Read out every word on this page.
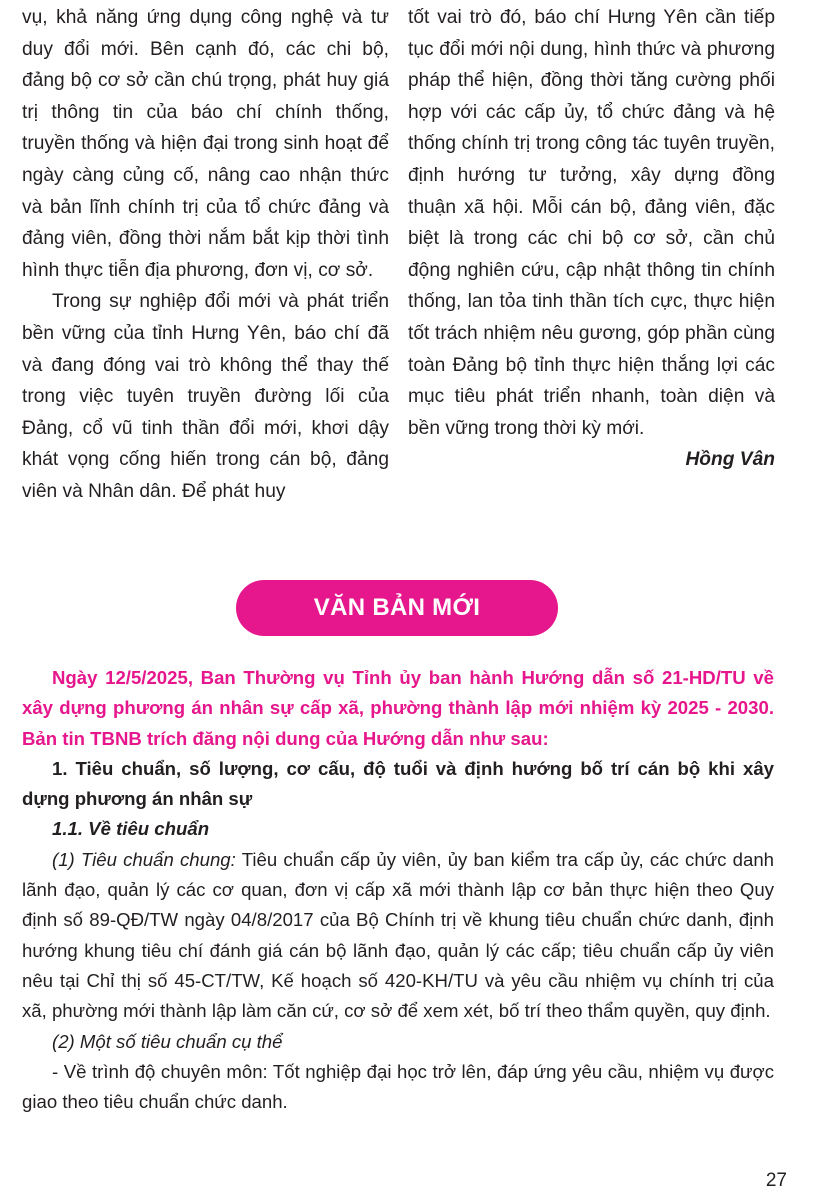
vụ, khả năng ứng dụng công nghệ và tư duy đổi mới. Bên cạnh đó, các chi bộ, đảng bộ cơ sở cần chú trọng, phát huy giá trị thông tin của báo chí chính thống, truyền thống và hiện đại trong sinh hoạt để ngày càng củng cố, nâng cao nhận thức và bản lĩnh chính trị của tổ chức đảng và đảng viên, đồng thời nắm bắt kịp thời tình hình thực tiễn địa phương, đơn vị, cơ sở.

Trong sự nghiệp đổi mới và phát triển bền vững của tỉnh Hưng Yên, báo chí đã và đang đóng vai trò không thể thay thế trong việc tuyên truyền đường lối của Đảng, cổ vũ tinh thần đổi mới, khơi dậy khát vọng cống hiến trong cán bộ, đảng viên và Nhân dân. Để phát huy

tốt vai trò đó, báo chí Hưng Yên cần tiếp tục đổi mới nội dung, hình thức và phương pháp thể hiện, đồng thời tăng cường phối hợp với các cấp ủy, tổ chức đảng và hệ thống chính trị trong công tác tuyên truyền, định hướng tư tưởng, xây dựng đồng thuận xã hội. Mỗi cán bộ, đảng viên, đặc biệt là trong các chi bộ cơ sở, cần chủ động nghiên cứu, cập nhật thông tin chính thống, lan tỏa tinh thần tích cực, thực hiện tốt trách nhiệm nêu gương, góp phần cùng toàn Đảng bộ tỉnh thực hiện thắng lợi các mục tiêu phát triển nhanh, toàn diện và bền vững trong thời kỳ mới.

Hồng Vân

VĂN BẢN MỚI

Ngày 12/5/2025, Ban Thường vụ Tỉnh ủy ban hành Hướng dẫn số 21-HD/TU về xây dựng phương án nhân sự cấp xã, phường thành lập mới nhiệm kỳ 2025 - 2030. Bản tin TBNB trích đăng nội dung của Hướng dẫn như sau:

1. Tiêu chuẩn, số lượng, cơ cấu, độ tuổi và định hướng bố trí cán bộ khi xây dựng phương án nhân sự

1.1. Về tiêu chuẩn

(1) Tiêu chuẩn chung: Tiêu chuẩn cấp ủy viên, ủy ban kiểm tra cấp ủy, các chức danh lãnh đạo, quản lý các cơ quan, đơn vị cấp xã mới thành lập cơ bản thực hiện theo Quy định số 89-QĐ/TW ngày 04/8/2017 của Bộ Chính trị về khung tiêu chuẩn chức danh, định hướng khung tiêu chí đánh giá cán bộ lãnh đạo, quản lý các cấp; tiêu chuẩn cấp ủy viên nêu tại Chỉ thị số 45-CT/TW, Kế hoạch số 420-KH/TU và yêu cầu nhiệm vụ chính trị của xã, phường mới thành lập làm căn cứ, cơ sở để xem xét, bố trí theo thẩm quyền, quy định.

(2) Một số tiêu chuẩn cụ thể

- Về trình độ chuyên môn: Tốt nghiệp đại học trở lên, đáp ứng yêu cầu, nhiệm vụ được giao theo tiêu chuẩn chức danh.

27
